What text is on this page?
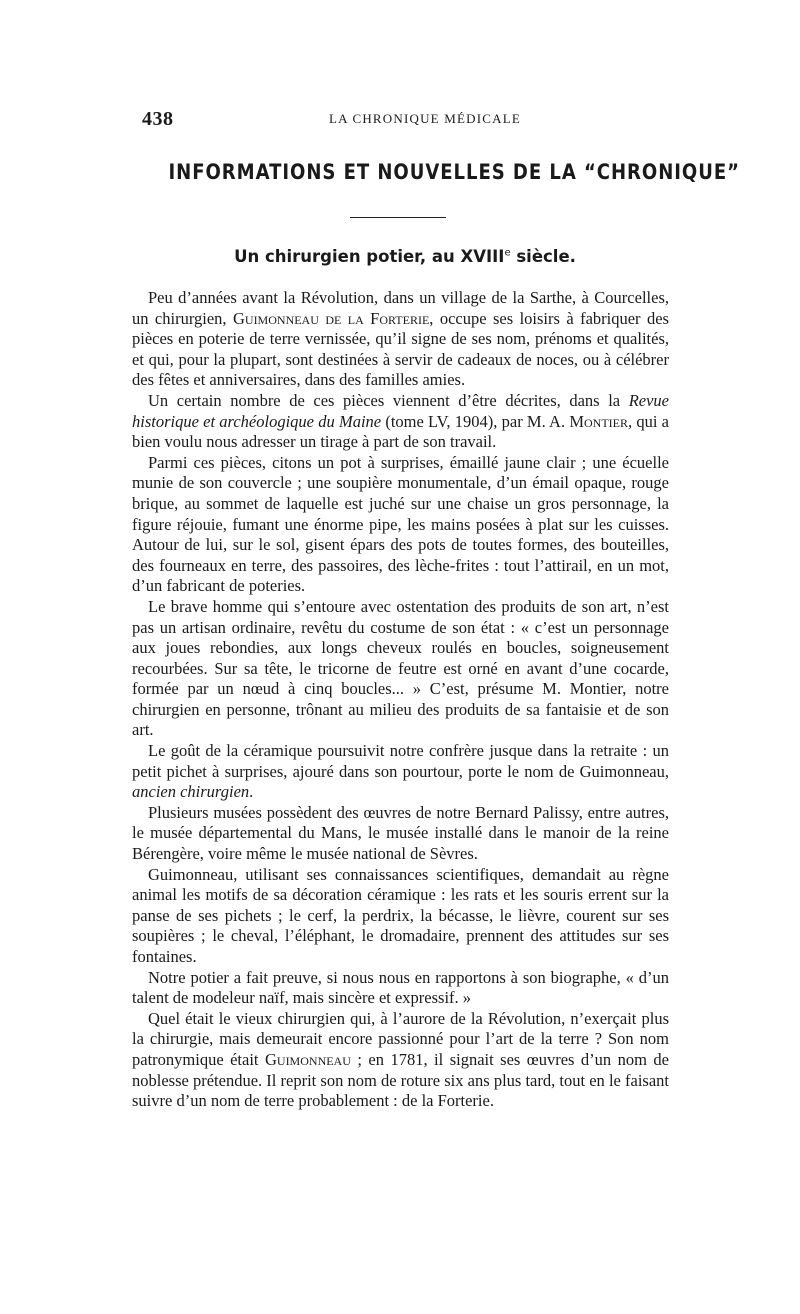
438	LA CHRONIQUE MÉDICALE
INFORMATIONS ET NOUVELLES DE LA “CHRONIQUE”
Un chirurgien potier, au XVIIIe siècle.

Peu d’années avant la Révolution, dans un village de la Sarthe, à Courcelles, un chirurgien, Guimonneau de la Forterie, occupe ses loisirs à fabriquer des pièces en poterie de terre vernissée, qu’il signe de ses nom, prénoms et qualités, et qui, pour la plupart, sont destinées à servir de cadeaux de noces, ou à célébrer des fêtes et anniversaires, dans des familles amies.

Un certain nombre de ces pièces viennent d’être décrites, dans la Revue historique et archéologique du Maine (tome LV, 1904), par M. A. Montier, qui a bien voulu nous adresser un tirage à part de son travail.

Parmi ces pièces, citons un pot à surprises, émaillé jaune clair ; une écuelle munie de son couvercle ; une soupière monumentale, d’un émail opaque, rouge brique, au sommet de laquelle est juché sur une chaise un gros personnage, la figure réjouie, fumant une énorme pipe, les mains posées à plat sur les cuisses. Autour de lui, sur le sol, gisent épars des pots de toutes formes, des bouteilles, des fourneaux en terre, des passoires, des lèche-frites : tout l’attirail, en un mot, d’un fabricant de poteries.

Le brave homme qui s’entoure avec ostentation des produits de son art, n’est pas un artisan ordinaire, revêtu du costume de son état : « c’est un personnage aux joues rebondies, aux longs cheveux roulés en boucles, soigneusement recourbées. Sur sa tête, le tricorne de feutre est orné en avant d’une cocarde, formée par un nœud à cinq boucles... » C’est, présume M. Montier, notre chirurgien en personne, trônant au milieu des produits de sa fantaisie et de son art.

Le goût de la céramique poursuivit notre confrère jusque dans la retraite : un petit pichet à surprises, ajouré dans son pourtour, porte le nom de Guimonneau, ancien chirurgien.

Plusieurs musées possèdent des œuvres de notre Bernard Palissy, entre autres, le musée départemental du Mans, le musée installé dans le manoir de la reine Bérengère, voire même le musée national de Sèvres.

Guimonneau, utilisant ses connaissances scientifiques, demandait au règne animal les motifs de sa décoration céramique : les rats et les souris errent sur la panse de ses pichets ; le cerf, la perdrix, la bécasse, le lièvre, courent sur ses soupières ; le cheval, l’éléphant, le dromadaire, prennent des attitudes sur ses fontaines.

Notre potier a fait preuve, si nous nous en rapportons à son biographe, « d’un talent de modeleur naïf, mais sincère et expressif. »

Quel était le vieux chirurgien qui, à l’aurore de la Révolution, n’exerçait plus la chirurgie, mais demeurait encore passionné pour l’art de la terre ? Son nom patronymique était Guimonneau ; en 1781, il signait ses œuvres d’un nom de noblesse prétendue. Il reprit son nom de roture six ans plus tard, tout en le faisant suivre d’un nom de terre probablement : de la Forterie.
